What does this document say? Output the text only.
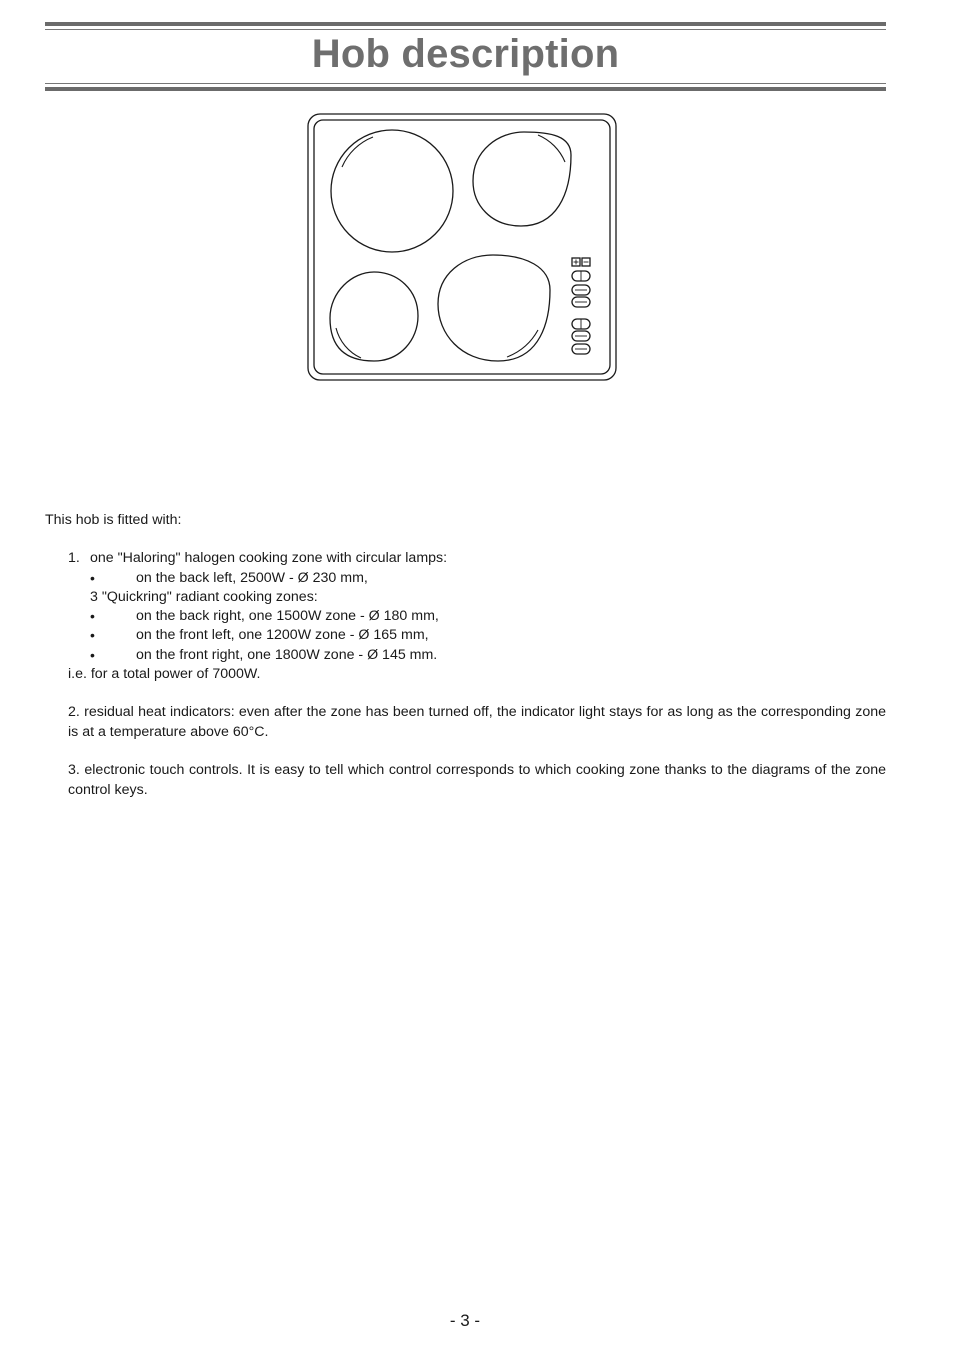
Hob description
This hob is fitted with:
1. one "Haloring" halogen cooking zone with circular lamps:
•	on the back left, 2500W - Ø 230 mm,
3 "Quickring" radiant cooking zones:
•	on the back right, one 1500W zone - Ø 180 mm,
•	on the front left, one 1200W zone - Ø 165 mm,
•	on the front right, one 1800W zone - Ø 145 mm.
i.e. for a total power of 7000W.
2. residual heat indicators: even after the zone has been turned off, the indicator light stays for as long as the corresponding zone is at a temperature above 60°C.
3. electronic touch controls. It is easy to tell which control corresponds to which cooking zone thanks to the diagrams of the zone control keys.
- 3 -
